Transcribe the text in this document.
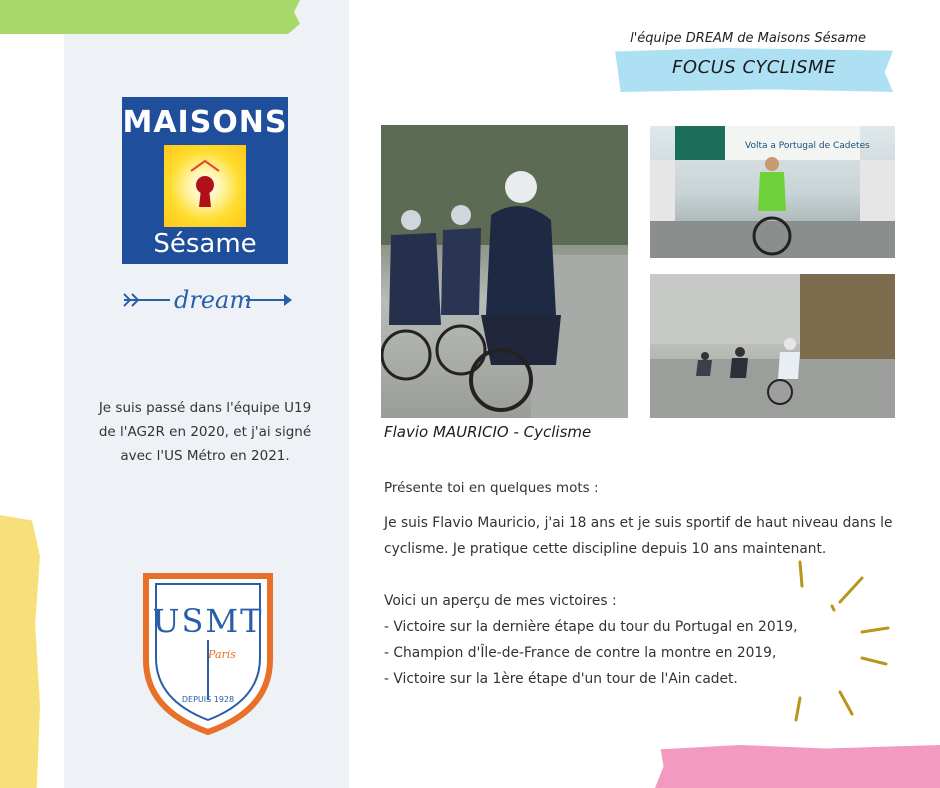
MAISONS
Sésame
dream
Je suis passé dans l'équipe U19 de l'AG2R en 2020, et j'ai signé avec l'US Métro en 2021.
USMT
Paris
DEPUIS 1928
l'équipe DREAM de Maisons Sésame
FOCUS CYCLISME
Volta a Portugal de Cadetes
Flavio MAURICIO - Cyclisme
Présente toi en quelques mots :

Je suis Flavio Mauricio, j'ai 18 ans et je suis sportif de haut niveau dans le cyclisme. Je pratique cette discipline depuis 10 ans maintenant.

Voici un aperçu de mes victoires :

- Victoire sur la dernière étape du tour du Portugal en 2019,

- Champion d'Île-de-France de contre la montre en 2019,

- Victoire sur la 1ère étape d'un tour de l'Ain cadet.
